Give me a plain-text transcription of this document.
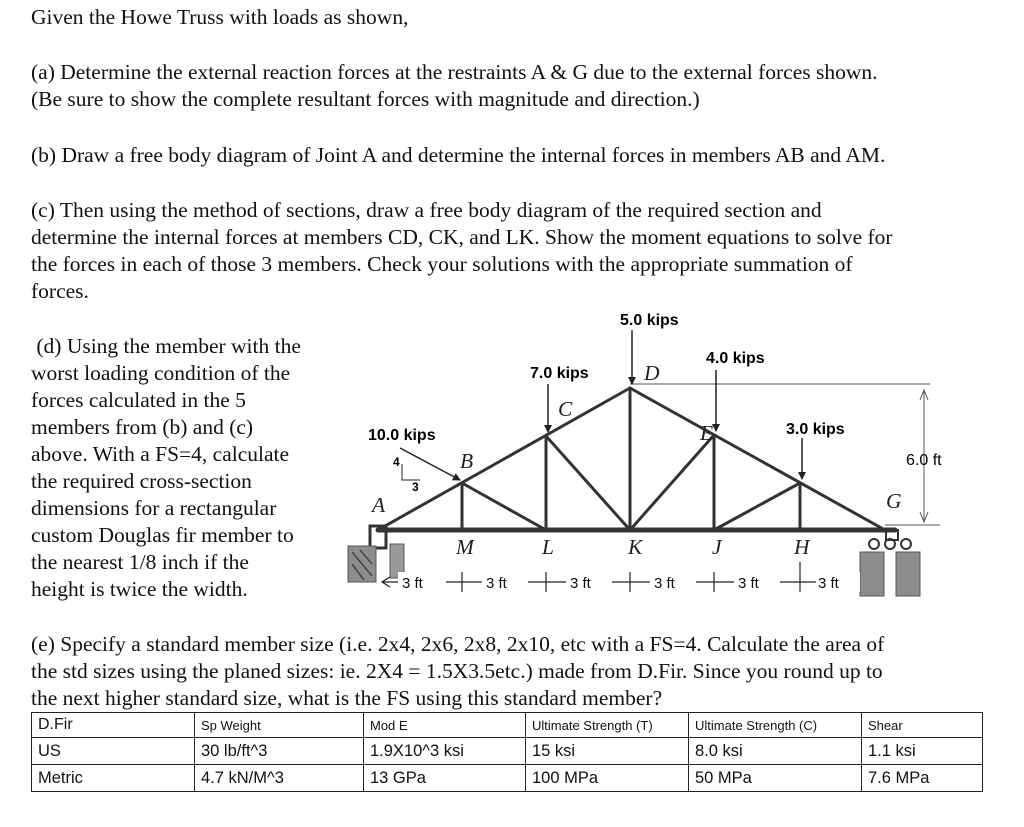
Given the Howe Truss with loads as shown,

(a) Determine the external reaction forces at the restraints A & G due to the external forces shown.
(Be sure to show the complete resultant forces with magnitude and direction.)

(b) Draw a free body diagram of Joint A and determine the internal forces in members AB and AM.

(c) Then using the method of sections, draw a free body diagram of the required section and
determine the internal forces at members CD, CK, and LK. Show the moment equations to solve for
the forces in each of those 3 members. Check your solutions with the appropriate summation of
forces.

(d) Using the member with the
worst loading condition of the
forces calculated in the 5
members from (b) and (c)
above. With a FS=4, calculate
the required cross-section
dimensions for a rectangular
custom Douglas fir member to
the nearest 1/8 inch if the
height is twice the width.

6.0 ft
5.0 kips
4.0 kips
7.0 kips
10.0 kips	3.0 kips
4
3
A
B
C
D
E
G
M	L	K	J	H
3 ft	3 ft	3 ft	3 ft	3 ft	3 ft

(e) Specify a standard member size (i.e. 2x4, 2x6, 2x8, 2x10, etc with a FS=4. Calculate the area of
the std sizes using the planed sizes: ie. 2X4 = 1.5X3.5etc.) made from D.Fir. Since you round up to
the next higher standard size, what is the FS using this standard member?

D.Fir	Sp Weight	Mod E	Ultimate Strength (T)	Ultimate Strength (C)	Shear
US	30 lb/ft^3	1.9X10^3 ksi	15 ksi	8.0 ksi	1.1 ksi
Metric	4.7 kN/M^3	13 GPa	100 MPa	50 MPa	7.6 MPa
